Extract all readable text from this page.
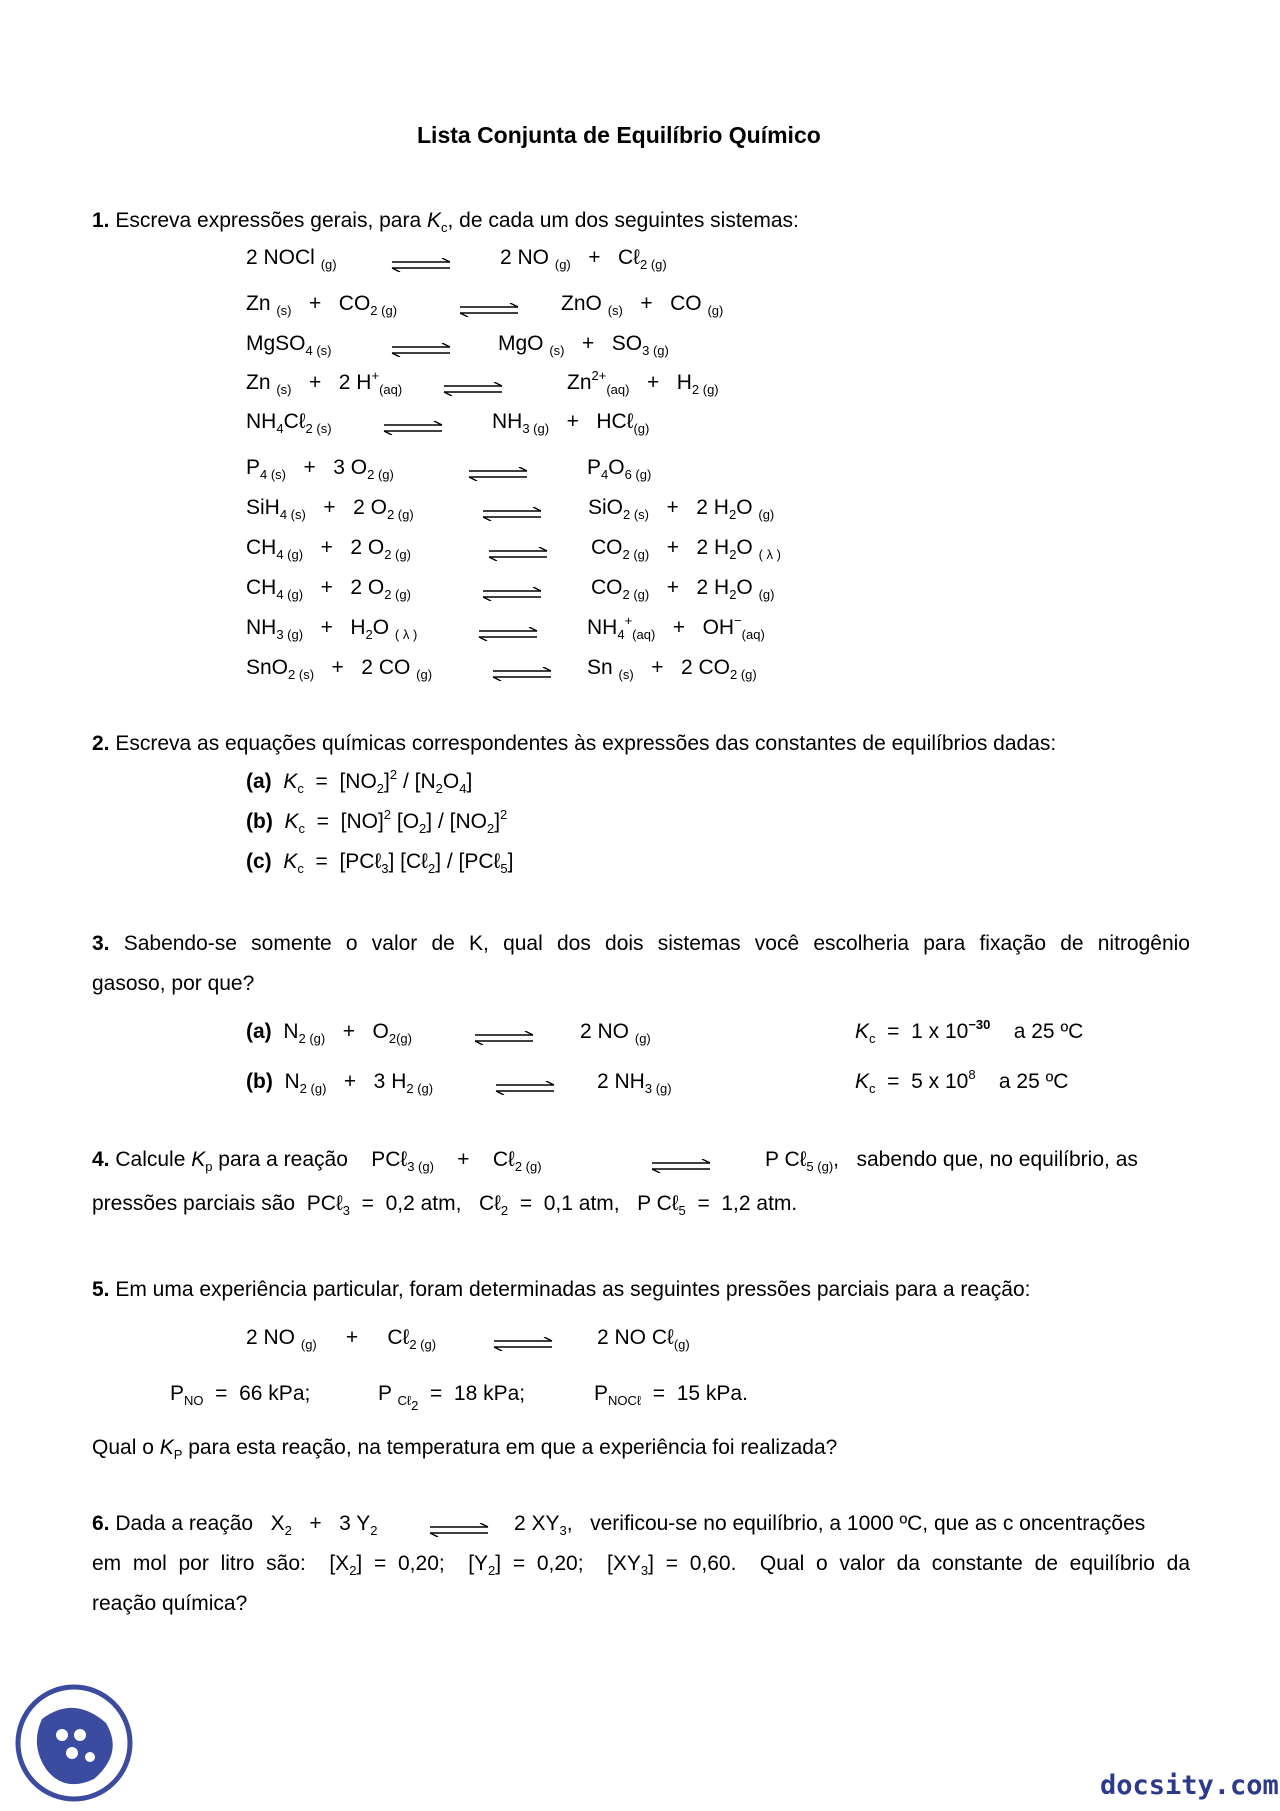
Lista Conjunta de Equilíbrio Químico
1. Escreva expressões gerais, para $K_c$, de cada um dos seguintes sistemas:
2 NOCl $_{(g)}$	2 NO $_{(g)}$   +   Cℓ$_{2 (g)}$
Zn $_{(s)} + CO_{2 (g)}$	ZnO $_{(s)}$   +   CO $_{(g)}$
MgSO$_{4 (s)}$	MgO $_{(s)} + SO_{3 (g)}$
Zn $_{(s)}$   +   2 $H^+_{(aq)}$	$Zn^{2+}_{(aq)} + H_{2 (g)}$
$NH_4C\ell_{2 (s)}$	$NH_{3 (g)}$   +   HCℓ$_{(g)}$
$P_{4 (s)} + 3$ $O_{2 (g)}$	$P_4O_{6 (g)}$
SiH$_{4 (s)}$   +   2 $O_{2 (g)}$	SiO$_{2 (s)}$   +   2 $H_2O$ $_{(g)}$
$CH_{4 (g)} + 2$ $O_{2 (g)}$	$CO_{2 (g)} + 2$ $H_2O$ $_{( \lambda )}$
$CH_{4 (g)} + 2$ $O_{2 (g)}$	$CO_{2 (g)} + 2$ $H_2O$ $_{(g)}$
$NH_{3 (g)} + H_2O$ $_{( \lambda )}$	$NH_4^+_{(aq)} + OH^-_{(aq)}$
SnO$_{2 (s)}$   +   2 CO $_{(g)}$	Sn $_{(s)}$   +   2 $CO_{2 (g)}$
2. Escreva as equações químicas correspondentes às expressões das constantes de equilíbrios dadas:
(a) $K_c = [NO_2]^2 / [N_2O_4]$
(b) $K_c = [NO]^2$ $[O_2] / [NO_2]^2$
(c) $K_c$  =  [PCℓ$_3$] [Cℓ$_2$] / [PCℓ$_5$]
3. Sabendo-se somente o valor de K, qual dos dois sistemas você escolheria para fixação de nitrogênio
gasoso, por que?
(a)  $N_{2 (g)} + O_{2(g)}$	2 NO $_{(g)}$	$K_c = 1$ x $10^{-30}$ a 25 ºC
(b)  $N_{2 (g)} + 3$ $H_{2 (g)}$	2 $NH_{3 (g)}$	$K_c = 5$ x $10^8$ a 25 ºC
4. Calcule $K_p$ para a reação    PCℓ$_{3 (g)}$    +    Cℓ$_{2 (g)}$	P Cℓ$_{5 (g)}$,   sabendo que, no equilíbrio, as
pressões parciais são  PCℓ$_3$  =  0,2 atm,   Cℓ$_2$  =  0,1 atm,   P Cℓ$_5$  =  1,2 atm.
5. Em uma experiência particular, foram determinadas as seguintes pressões parciais para a reação:
2 NO $_{(g)}$     +     Cℓ$_{2 (g)}$	2 NO Cℓ$_{(g)}$
$P_{NO} = 66$ kPa;	P $_{C\ell 2}$  =  18 kPa;	$P_{NOC\ell} = 15$ kPa.
Qual o $K_P$ para esta reação, na temperatura em que a experiência foi realizada?
6. Dada a reação   $X_2 + 3$ $Y_2$	2 $XY_3$,   verificou-se no equilíbrio, a 1000 ºC, que as c oncentrações
em mol por litro são:  $[X_2] = 0,20$;  $[Y_2] = 0,20$;  $[XY_3] = 0,60$.  Qual o valor da constante de equilíbrio da
reação química?
docsity.com
